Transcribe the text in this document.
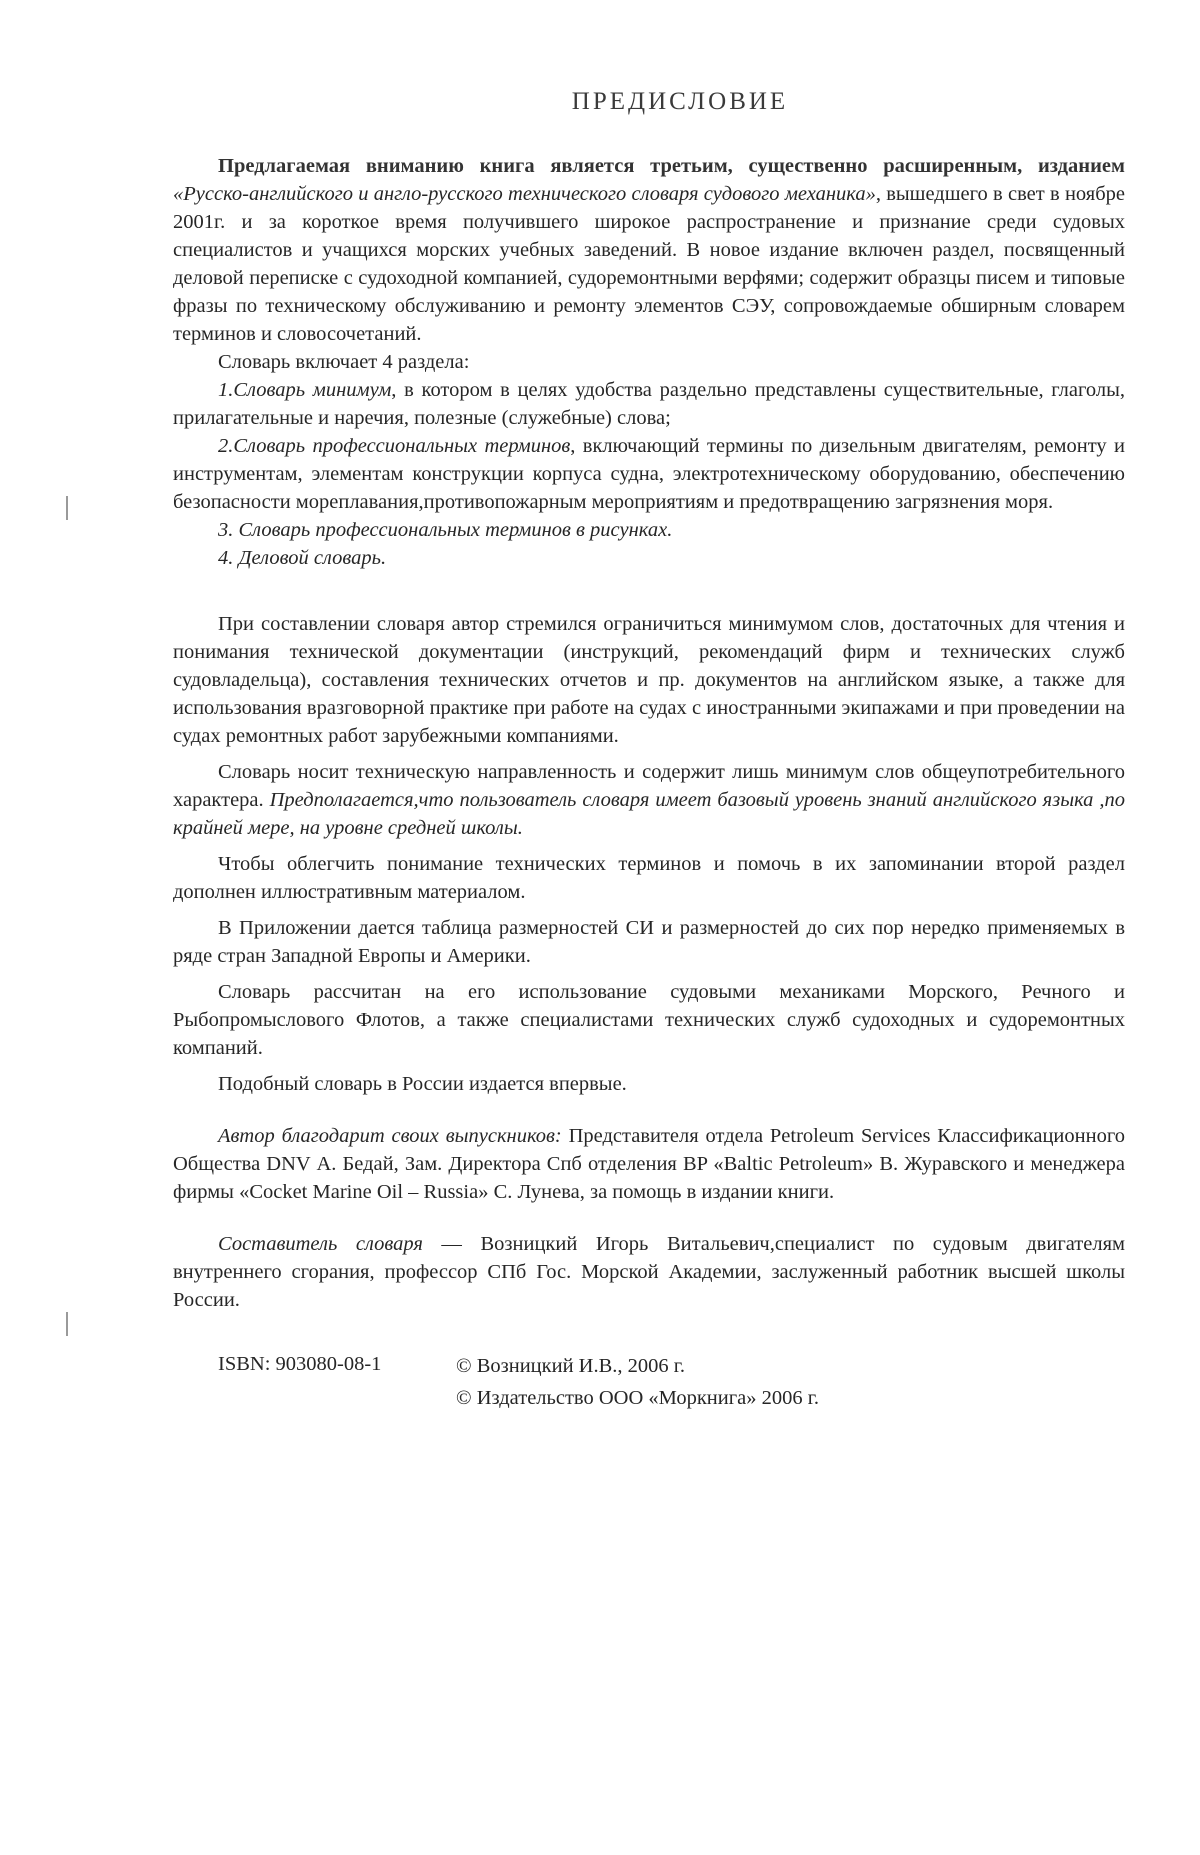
ПРЕДИСЛОВИЕ

Предлагаемая вниманию книга является третьим, существенно расширенным, изданием «Русско-английского и англо-русского технического словаря судового механика», вышедшего в свет в ноябре 2001г. и за короткое время получившего широкое распространение и признание среди судовых специалистов и учащихся морских учебных заведений. В новое издание включен раздел, посвященный деловой переписке с судоходной компанией, судоремонтными верфями; содержит образцы писем и типовые фразы по техническому обслуживанию и ремонту элементов СЭУ, сопровождаемые обширным словарем терминов и словосочетаний.

Словарь включает 4 раздела:

1.Словарь минимум, в котором в целях удобства раздельно представлены существительные, глаголы, прилагательные и наречия, полезные (служебные) слова;

2.Словарь профессиональных терминов, включающий термины по дизельным двигателям, ремонту и инструментам, элементам конструкции корпуса судна, электротехническому оборудованию, обеспечению безопасности мореплавания,противопожарным мероприятиям и предотвращению загрязнения моря.

3. Словарь профессиональных терминов в рисунках.

4. Деловой словарь.

При составлении словаря автор стремился ограничиться минимумом слов, достаточных для чтения и понимания технической документации (инструкций, рекомендаций фирм и технических служб судовладельца), составления технических отчетов и пр. документов на английском языке, а также для использования вразговорной практике при работе на судах с иностранными экипажами и при проведении на судах ремонтных работ зарубежными компаниями.

Словарь носит техническую направленность и содержит лишь минимум слов общеупотребительного характера. Предполагается,что пользователь словаря имеет базовый уровень знаний английского языка ,по крайней мере, на уровне средней школы.

Чтобы облегчить понимание технических терминов и помочь в их запоминании второй раздел дополнен иллюстративным материалом.

В Приложении дается таблица размерностей СИ и размерностей до сих пор нередко применяемых в ряде стран Западной Европы и Америки.

Словарь рассчитан на его использование судовыми механиками Морского, Речного и Рыбопромыслового Флотов, а также специалистами технических служб судоходных и судоремонтных компаний.

Подобный словарь в России издается впервые.

Автор благодарит своих выпускников: Представителя отдела Petroleum Services Классификационного Общества DNV А. Бедай, Зам. Директора Спб отделения BP «Baltic Petroleum» В. Журавского и менеджера фирмы «Cocket Marine Oil – Russia» С. Лунева, за помощь в издании книги.

Составитель словаря — Возницкий Игорь Витальевич,специалист по судовым двигателям внутреннего сгорания, профессор СПб Гос. Морской Академии, заслуженный работник высшей школы России.

ISBN: 903080-08-1	© Возницкий И.В., 2006 г.
© Издательство ООО «Моркнига» 2006 г.
